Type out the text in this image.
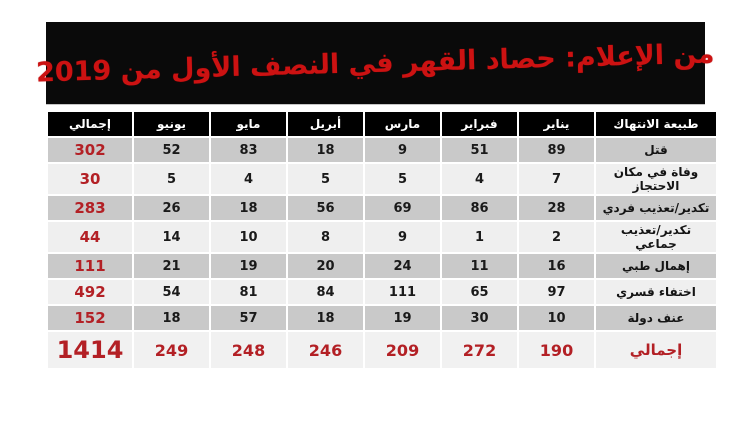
من الإعلام: حصاد القهر في النصف الأول من 2019
طبيعة الانتهاك	يناير	فبراير	مارس	أبريل	مايو	يونيو	إجمالي
قتل	89	51	9	18	83	52	302
وفاة في مكان الاحتجاز	7	4	5	5	4	5	30
تكدير/تعذيب فردي	28	86	69	56	18	26	283
تكدير/تعذيب جماعي	2	1	9	8	10	14	44
إهمال طبي	16	11	24	20	19	21	111
اختفاء قسري	97	65	111	84	81	54	492
عنف دولة	10	30	19	18	57	18	152
إجمالي	190	272	209	246	248	249	1414
